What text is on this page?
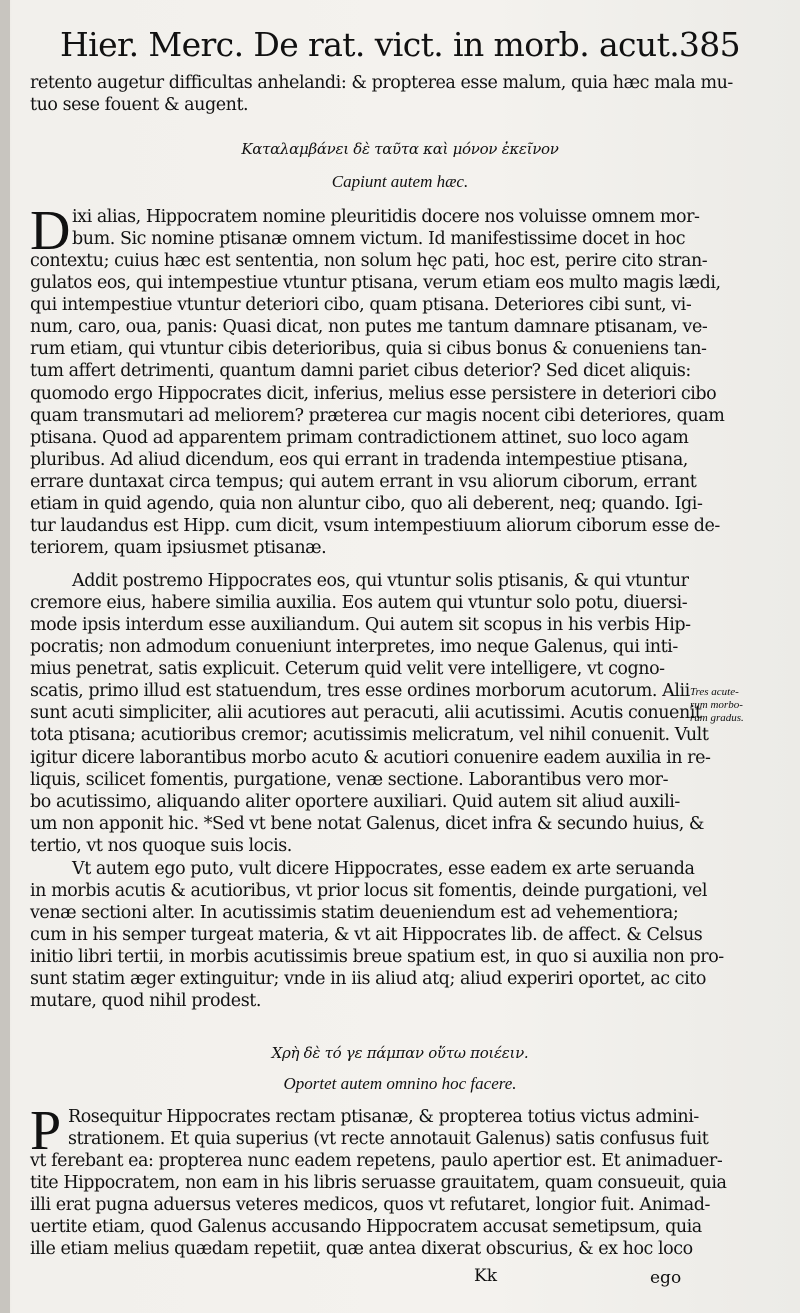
Hier. Merc. De rat. vict. in morb. acut. 385
retento augetur difficultas anhelandi: & propterea esse malum, quia hæc mala mu-
tuo sese fouent & augent.
Καταλαμβάνει δὲ ταῦτα καὶ μόνον ἐκεῖνον
Capiunt autem hæc.
D ixi alias, Hippocratem nomine pleuritidis docere nos voluisse omnem mor-
bum. Sic nomine ptisanæ omnem victum. Id manifestissime docet in hoc
contextu; cuius hæc est sententia, non solum hęc pati, hoc est, perire cito stran-
gulatos eos, qui intempestiue vtuntur ptisana, verum etiam eos multo magis lædi,
qui intempestiue vtuntur deteriori cibo, quam ptisana. Deteriores cibi sunt, vi-
num, caro, oua, panis: Quasi dicat, non putes me tantum damnare ptisanam, ve-
rum etiam, qui vtuntur cibis deterioribus, quia si cibus bonus & conueniens tan-
tum affert detrimenti, quantum damni pariet cibus deterior? Sed dicet aliquis:
quomodo ergo Hippocrates dicit, inferius, melius esse persistere in deteriori cibo
quam transmutari ad meliorem? præterea cur magis nocent cibi deteriores, quam
ptisana. Quod ad apparentem primam contradictionem attinet, suo loco agam
pluribus. Ad aliud dicendum, eos qui errant in tradenda intempestiue ptisana,
errare duntaxat circa tempus; qui autem errant in vsu aliorum ciborum, errant
etiam in quid agendo, quia non aluntur cibo, quo ali deberent, neq; quando. Igi-
tur laudandus est Hipp. cum dicit, vsum intempestiuum aliorum ciborum esse de-
teriorem, quam ipsiusmet ptisanæ.
Addit postremo Hippocrates eos, qui vtuntur solis ptisanis, & qui vtuntur
cremore eius, habere similia auxilia. Eos autem qui vtuntur solo potu, diuersi-
mode ipsis interdum esse auxiliandum. Qui autem sit scopus in his verbis Hip-
pocratis; non admodum conueniunt interpretes, imo neque Galenus, qui inti-
mius penetrat, satis explicuit. Ceterum quid velit vere intelligere, vt cogno-
scatis, primo illud est statuendum, tres esse ordines morborum acutorum. Alii
sunt acuti simpliciter, alii acutiores aut peracuti, alii acutissimi. Acutis conuenit
tota ptisana; acutioribus cremor; acutissimis melicratum, vel nihil conuenit. Vult
igitur dicere laborantibus morbo acuto & acutiori conuenire eadem auxilia in re-
liquis, scilicet fomentis, purgatione, venæ sectione. Laborantibus vero mor-
bo acutissimo, aliquando aliter oportere auxiliari. Quid autem sit aliud auxili-
um non apponit hic. *Sed vt bene notat Galenus, dicet infra & secundo huius, &
tertio, vt nos quoque suis locis.
Tres acute-
rum morbo-
rum gradus.
Vt autem ego puto, vult dicere Hippocrates, esse eadem ex arte seruanda
in morbis acutis & acutioribus, vt prior locus sit fomentis, deinde purgationi, vel
venæ sectioni alter. In acutissimis statim deueniendum est ad vehementiora;
cum in his semper turgeat materia, & vt ait Hippocrates lib. de affect. & Celsus
initio libri tertii, in morbis acutissimis breue spatium est, in quo si auxilia non pro-
sunt statim æger extinguitur; vnde in iis aliud atq; aliud experiri oportet, ac cito
mutare, quod nihil prodest.
Χρὴ δὲ τό γε πάμπαν οὕτω ποιέειν.
Oportet autem omnino hoc facere.
P Rosequitur Hippocrates rectam ptisanæ, & propterea totius victus admini-
strationem. Et quia superius (vt recte annotauit Galenus) satis confusus fuit
vt ferebant ea: propterea nunc eadem repetens, paulo apertior est. Et animaduer-
tite Hippocratem, non eam in his libris seruasse grauitatem, quam consueuit, quia
illi erat pugna aduersus veteres medicos, quos vt refutaret, longior fuit. Animad-
uertite etiam, quod Galenus accusando Hippocratem accusat semetipsum, quia
ille etiam melius quædam repetiit, quæ antea dixerat obscurius, & ex hoc loco
Kk	ego
